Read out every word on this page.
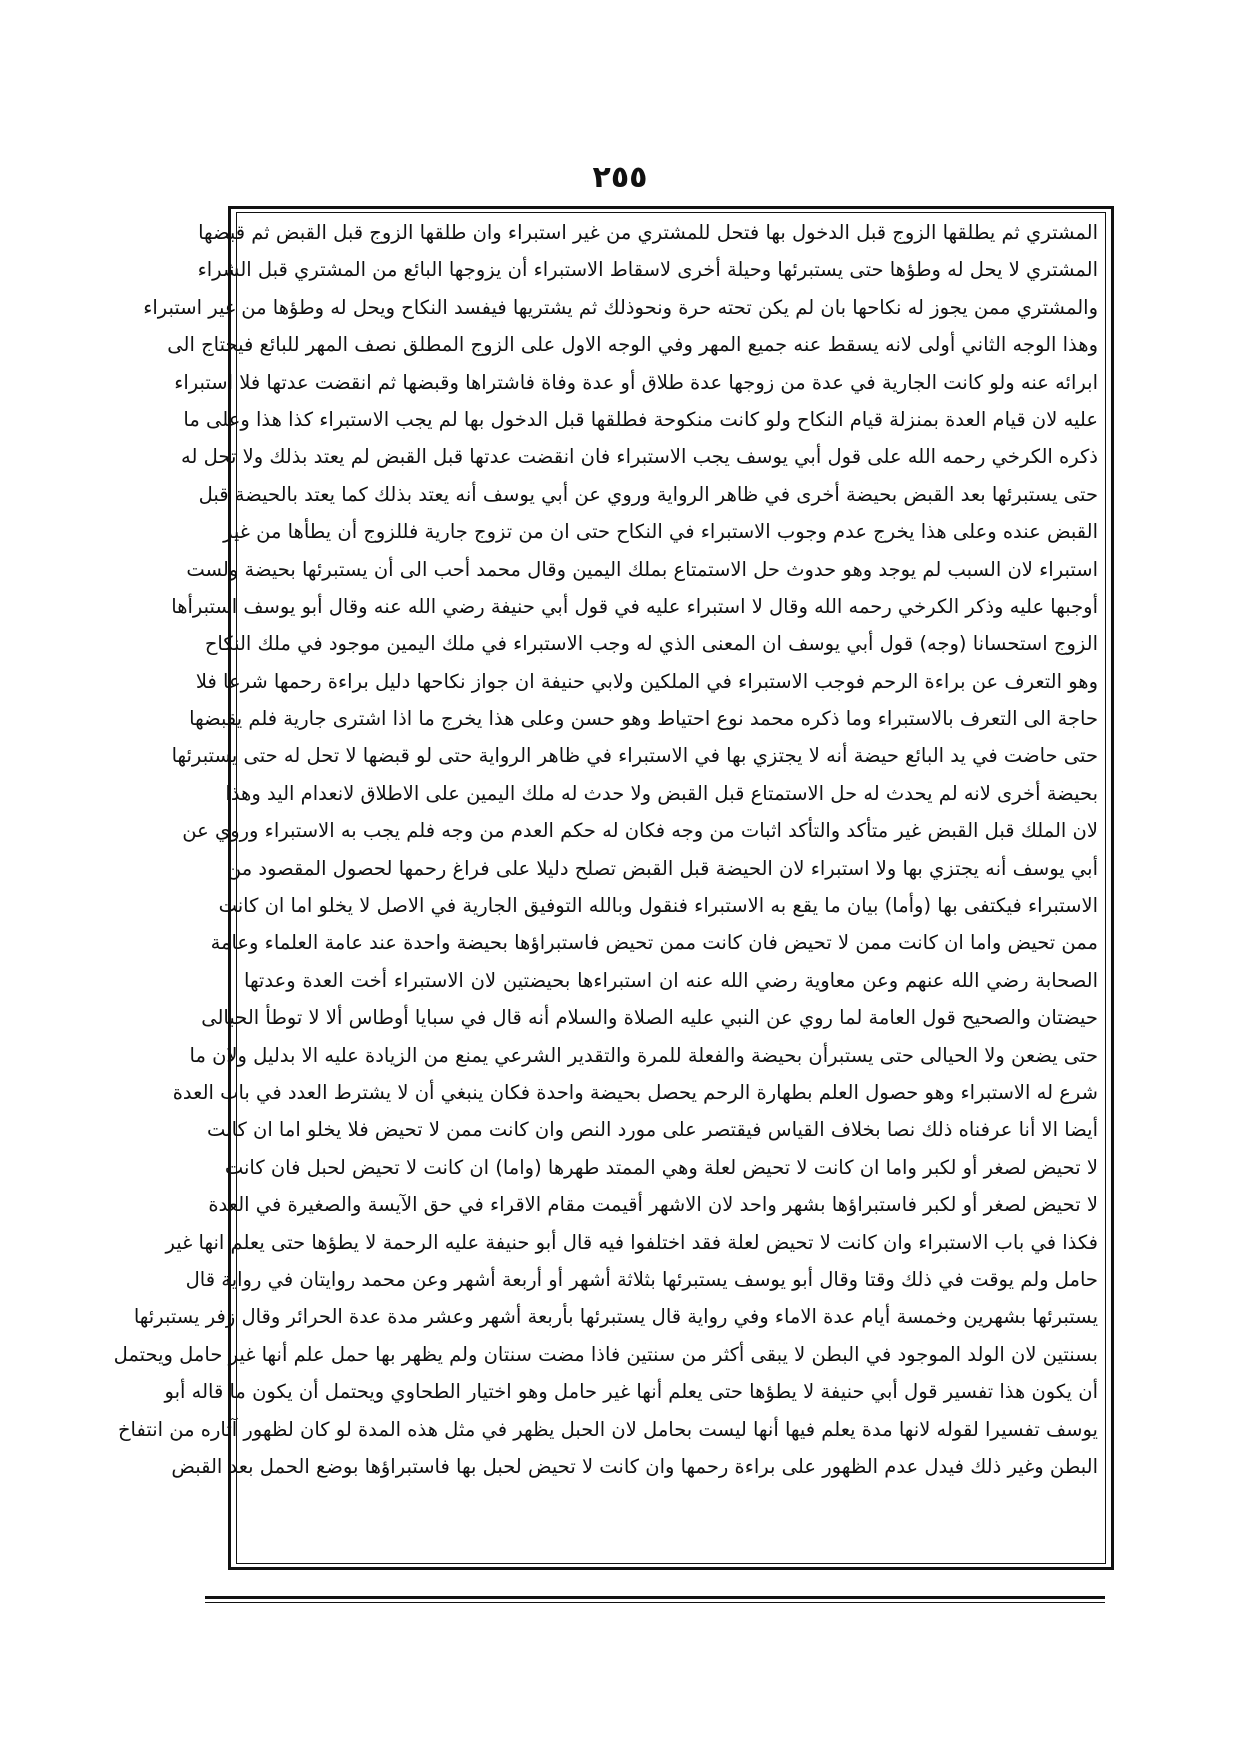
٢٥٥
المشتري ثم يطلقها الزوج قبل الدخول بها فتحل للمشتري من غير استبراء وان طلقها الزوج قبل القبض ثم قبضها
المشتري لا يحل له وطؤها حتى يستبرئها وحيلة أخرى لاسقاط الاستبراء أن يزوجها البائع من المشتري قبل الشراء
والمشتري ممن يجوز له نكاحها بان لم يكن تحته حرة ونحوذلك ثم يشتريها فيفسد النكاح ويحل له وطؤها من غير استبراء
وهذا الوجه الثاني أولى لانه يسقط عنه جميع المهر وفي الوجه الاول على الزوج المطلق نصف المهر للبائع فيحتاج الى
ابرائه عنه ولو كانت الجارية في عدة من زوجها عدة طلاق أو عدة وفاة فاشتراها وقبضها ثم انقضت عدتها فلا استبراء
عليه لان قيام العدة بمنزلة قيام النكاح ولو كانت منكوحة فطلقها قبل الدخول بها لم يجب الاستبراء كذا هذا وعلى ما
ذكره الكرخي رحمه الله على قول أبي يوسف يجب الاستبراء فان انقضت عدتها قبل القبض لم يعتد بذلك ولا تحل له
حتى يستبرئها بعد القبض بحيضة أخرى في ظاهر الرواية وروي عن أبي يوسف أنه يعتد بذلك كما يعتد بالحيضة قبل
القبض عنده وعلى هذا يخرج عدم وجوب الاستبراء في النكاح حتى ان من تزوج جارية فللزوج أن يطأها من غير
استبراء لان السبب لم يوجد وهو حدوث حل الاستمتاع بملك اليمين وقال محمد أحب الى أن يستبرئها بحيضة ولست
أوجبها عليه وذكر الكرخي رحمه الله وقال لا استبراء عليه في قول أبي حنيفة رضي الله عنه وقال أبو يوسف استبرأها
الزوج استحسانا (وجه) قول أبي يوسف ان المعنى الذي له وجب الاستبراء في ملك اليمين موجود في ملك النكاح
وهو التعرف عن براءة الرحم فوجب الاستبراء في الملكين ولابي حنيفة ان جواز نكاحها دليل براءة رحمها شرعا فلا
حاجة الى التعرف بالاستبراء وما ذكره محمد نوع احتياط وهو حسن وعلى هذا يخرج ما اذا اشترى جارية فلم يقبضها
حتى حاضت في يد البائع حيضة أنه لا يجتزي بها في الاستبراء في ظاهر الرواية حتى لو قبضها لا تحل له حتى يستبرئها
بحيضة أخرى لانه لم يحدث له حل الاستمتاع قبل القبض ولا حدث له ملك اليمين على الاطلاق لانعدام اليد وهذا
لان الملك قبل القبض غير متأكد والتأكد اثبات من وجه فكان له حكم العدم من وجه فلم يجب به الاستبراء وروي عن
أبي يوسف أنه يجتزي بها ولا استبراء لان الحيضة قبل القبض تصلح دليلا على فراغ رحمها لحصول المقصود من
الاستبراء فيكتفى بها (وأما) بيان ما يقع به الاستبراء فنقول وبالله التوفيق الجارية في الاصل لا يخلو اما ان كانت
ممن تحيض واما ان كانت ممن لا تحيض فان كانت ممن تحيض فاستبراؤها بحيضة واحدة عند عامة العلماء وعامة
الصحابة رضي الله عنهم وعن معاوية رضي الله عنه ان استبراءها بحيضتين لان الاستبراء أخت العدة وعدتها
حيضتان والصحيح قول العامة لما روي عن النبي عليه الصلاة والسلام أنه قال في سبايا أوطاس ألا لا توطأ الحبالى
حتى يضعن ولا الحيالى حتى يستبرأن بحيضة والفعلة للمرة والتقدير الشرعي يمنع من الزيادة عليه الا بدليل ولان ما
شرع له الاستبراء وهو حصول العلم بطهارة الرحم يحصل بحيضة واحدة فكان ينبغي أن لا يشترط العدد في باب العدة
أيضا الا أنا عرفناه ذلك نصا بخلاف القياس فيقتصر على مورد النص وان كانت ممن لا تحيض فلا يخلو اما ان كانت
لا تحيض لصغر أو لكبر واما ان كانت لا تحيض لعلة وهي الممتد طهرها (واما) ان كانت لا تحيض لحبل فان كانت
لا تحيض لصغر أو لكبر فاستبراؤها بشهر واحد لان الاشهر أقيمت مقام الاقراء في حق الآيسة والصغيرة في العدة
فكذا في باب الاستبراء وان كانت لا تحيض لعلة فقد اختلفوا فيه قال أبو حنيفة عليه الرحمة لا يطؤها حتى يعلم انها غير
حامل ولم يوقت في ذلك وقتا وقال أبو يوسف يستبرئها بثلاثة أشهر أو أربعة أشهر وعن محمد روايتان في رواية قال
يستبرئها بشهرين وخمسة أيام عدة الاماء وفي رواية قال يستبرئها بأربعة أشهر وعشر مدة عدة الحرائر وقال زفر يستبرئها
بسنتين لان الولد الموجود في البطن لا يبقى أكثر من سنتين فاذا مضت سنتان ولم يظهر بها حمل علم أنها غير حامل ويحتمل
أن يكون هذا تفسير قول أبي حنيفة لا يطؤها حتى يعلم أنها غير حامل وهو اختيار الطحاوي ويحتمل أن يكون ما قاله أبو
يوسف تفسيرا لقوله لانها مدة يعلم فيها أنها ليست بحامل لان الحبل يظهر في مثل هذه المدة لو كان لظهور آثاره من انتفاخ
البطن وغير ذلك فيدل عدم الظهور على براءة رحمها وان كانت لا تحيض لحبل بها فاستبراؤها بوضع الحمل بعد القبض
